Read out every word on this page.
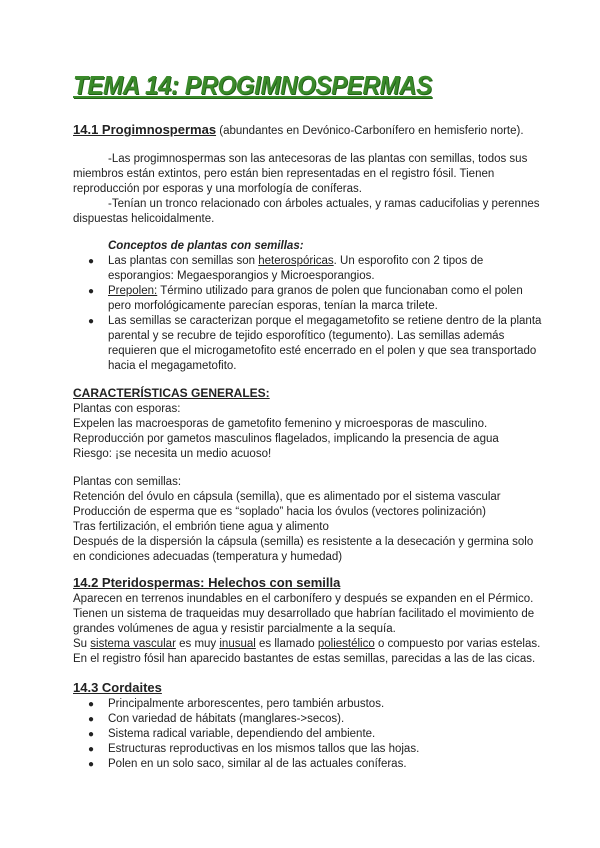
TEMA 14: PROGIMNOSPERMAS
14.1 Progimnospermas (abundantes en Devónico-Carbonífero en hemisferio norte).
-Las progimnospermas son las antecesoras de las plantas con semillas, todos sus
miembros están extintos, pero están bien representadas en el registro fósil. Tienen
reproducción por esporas y una morfología de coníferas.
-Tenían un tronco relacionado con árboles actuales, y ramas caducifolias y perennes
dispuestas helicoidalmente.
Conceptos de plantas con semillas:
● Las plantas con semillas son heterospóricas. Un esporofito con 2 tipos de
esporangios: Megaesporangios y Microesporangios.
● Prepolen: Término utilizado para granos de polen que funcionaban como el polen
pero morfológicamente parecían esporas, tenían la marca trilete.
● Las semillas se caracterizan porque el megagametofito se retiene dentro de la planta
parental y se recubre de tejido esporofítico (tegumento). Las semillas además
requieren que el microgametofito esté encerrado en el polen y que sea transportado
hacia el megagametofito.
CARACTERÍSTICAS GENERALES:
Plantas con esporas:
Expelen las macroesporas de gametofito femenino y microesporas de masculino.
Reproducción por gametos masculinos flagelados, implicando la presencia de agua
Riesgo: ¡se necesita un medio acuoso!
Plantas con semillas:
Retención del óvulo en cápsula (semilla), que es alimentado por el sistema vascular
Producción de esperma que es “soplado” hacia los óvulos (vectores polinización)
Tras fertilización, el embrión tiene agua y alimento
Después de la dispersión la cápsula (semilla) es resistente a la desecación y germina solo
en condiciones adecuadas (temperatura y humedad)
14.2 Pteridospermas: Helechos con semilla
Aparecen en terrenos inundables en el carbonífero y después se expanden en el Pérmico.
Tienen un sistema de traqueidas muy desarrollado que habrían facilitado el movimiento de
grandes volúmenes de agua y resistir parcialmente a la sequía.
Su sistema vascular es muy inusual es llamado poliestélico o compuesto por varias estelas.
En el registro fósil han aparecido bastantes de estas semillas, parecidas a las de las cicas.
14.3 Cordaites
● Principalmente arborescentes, pero también arbustos.
● Con variedad de hábitats (manglares->secos).
● Sistema radical variable, dependiendo del ambiente.
● Estructuras reproductivas en los mismos tallos que las hojas.
● Polen en un solo saco, similar al de las actuales coníferas.
